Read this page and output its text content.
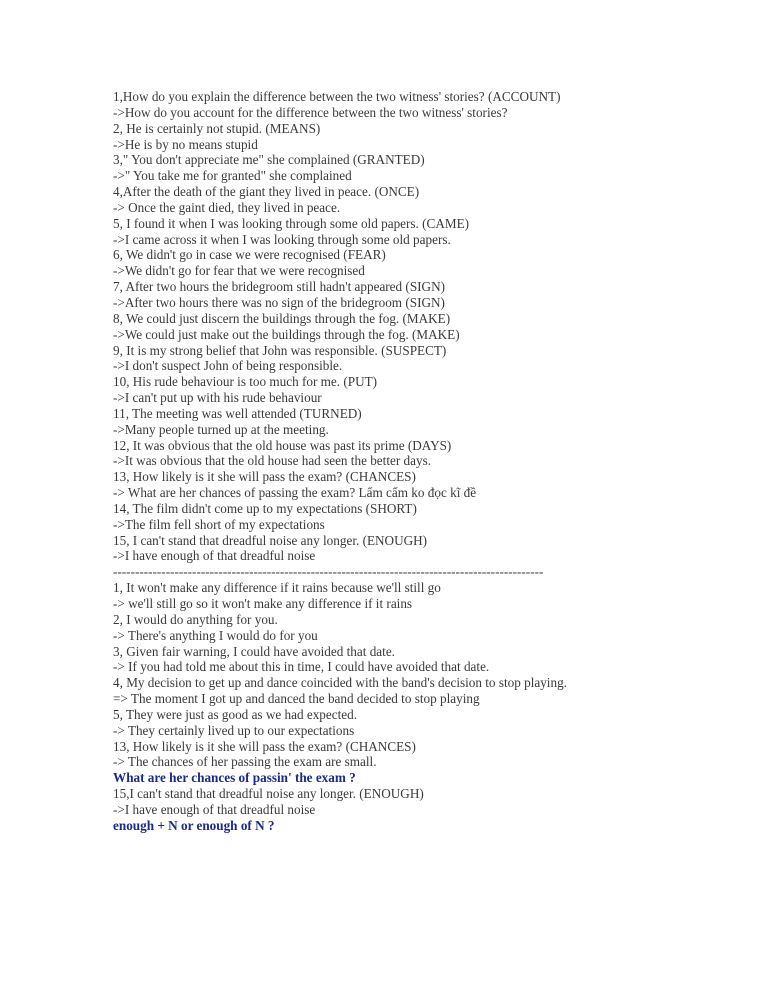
1,How do you explain the difference between the two witness' stories? (ACCOUNT)
->How do you account for the difference between the two witness' stories?
2, He is certainly not stupid. (MEANS)
->He is by no means stupid
3," You don't appreciate me" she complained (GRANTED)
->" You take me for granted" she complained
4,After the death of the giant they lived in peace. (ONCE)
-> Once the gaint died, they lived in peace.
5, I found it when I was looking through some old papers. (CAME)
->I came across it when I was looking through some old papers.
6, We didn't go in case we were recognised (FEAR)
->We didn't go for fear that we were recognised
7, After two hours the bridegroom still hadn't appeared (SIGN)
->After two hours there was no sign of the bridegroom (SIGN)
8, We could just discern the buildings through the fog. (MAKE)
->We could just make out the buildings through the fog. (MAKE)
9, It is my strong belief that John was responsible. (SUSPECT)
->I don't suspect John of being responsible.
10, His rude behaviour is too much for me. (PUT)
->I can't put up with his rude behaviour
11, The meeting was well attended (TURNED)
->Many people turned up at the meeting.
12, It was obvious that the old house was past its prime (DAYS)
->It was obvious that the old house had seen the better days.
13, How likely is it she will pass the exam? (CHANCES)
-> What are her chances of passing the exam? Lẩm cẩm ko đọc kĩ đề
14, The film didn't come up to my expectations (SHORT)
->The film fell short of my expectations
15, I can't stand that dreadful noise any longer. (ENOUGH)
->I have enough of that dreadful noise
--------------------------------------------------------------------------------------------------
1, It won't make any difference if it rains because we'll still go
-> we'll still go so it won't make any difference if it rains
2, I would do anything for you.
-> There's anything I would do for you
3, Given fair warning, I could have avoided that date.
-> If you had told me about this in time, I could have avoided that date.
4, My decision to get up and dance coincided with the band's decision to stop playing.
=> The moment I got up and danced the band decided to stop playing
5, They were just as good as we had expected.
-> They certainly lived up to our expectations
13, How likely is it she will pass the exam? (CHANCES)
-> The chances of her passing the exam are small.
What are her chances of passin' the exam ?
15,I can't stand that dreadful noise any longer. (ENOUGH)
->I have enough of that dreadful noise
enough + N or enough of N ?
